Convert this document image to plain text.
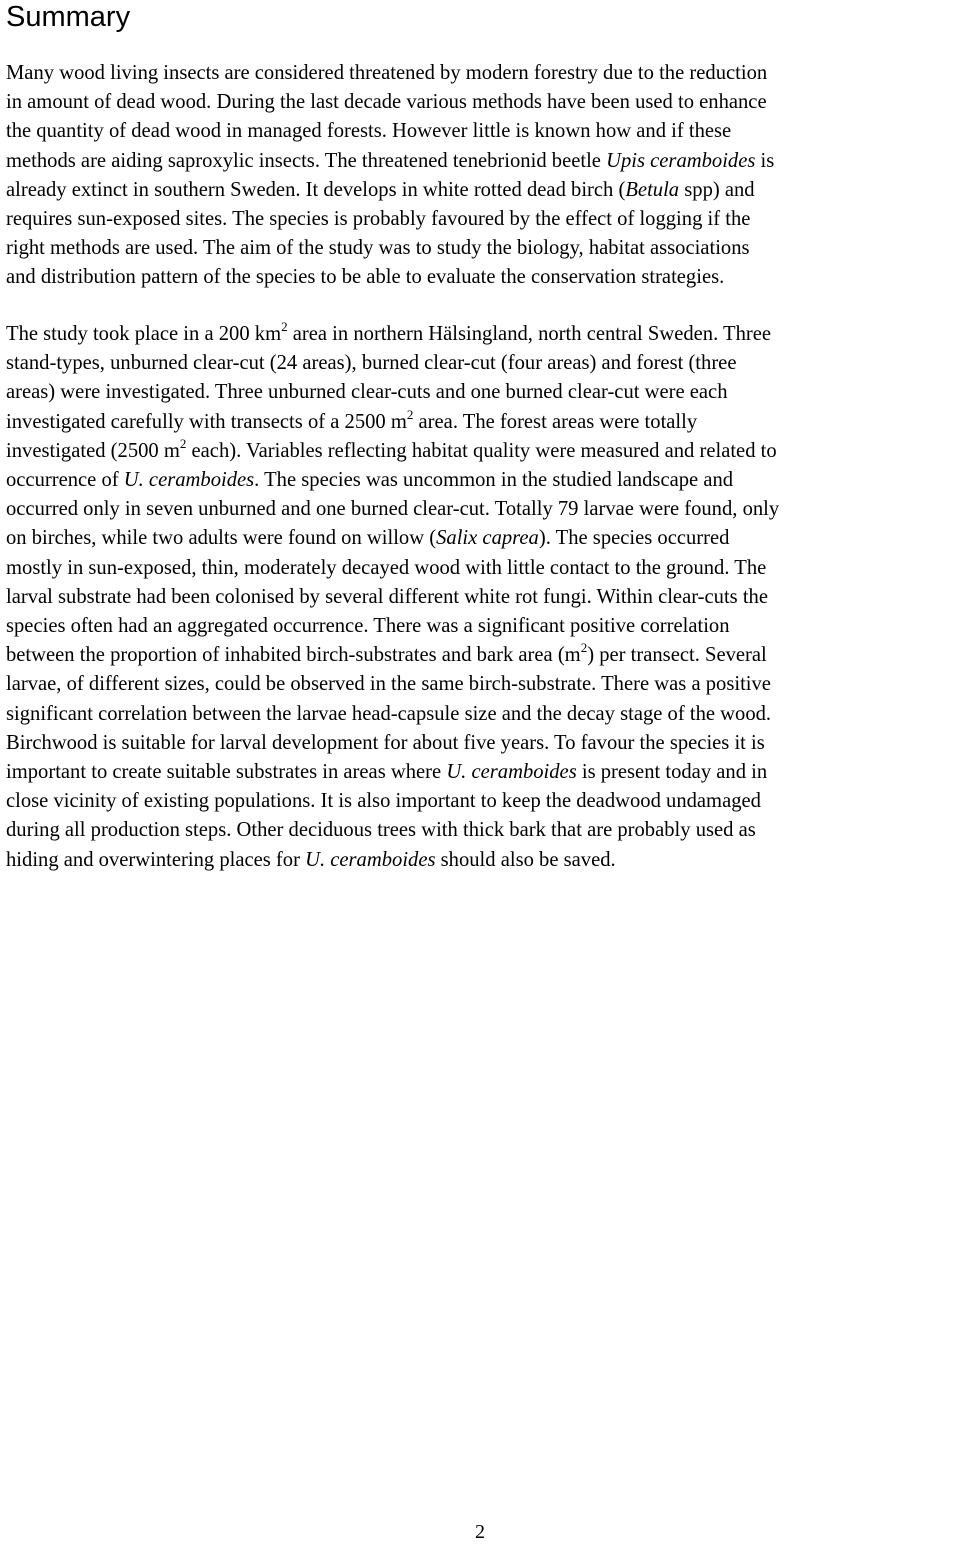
Summary

Many wood living insects are considered threatened by modern forestry due to the reduction
in amount of dead wood. During the last decade various methods have been used to enhance
the quantity of dead wood in managed forests. However little is known how and if these
methods are aiding saproxylic insects. The threatened tenebrionid beetle Upis ceramboides is
already extinct in southern Sweden. It develops in white rotted dead birch (Betula spp) and
requires sun-exposed sites. The species is probably favoured by the effect of logging if the
right methods are used. The aim of the study was to study the biology, habitat associations
and distribution pattern of the species to be able to evaluate the conservation strategies.

The study took place in a 200 $km^2$ area in northern Hälsingland, north central Sweden. Three
stand-types, unburned clear-cut (24 areas), burned clear-cut (four areas) and forest (three
areas) were investigated. Three unburned clear-cuts and one burned clear-cut were each
investigated carefully with transects of a 2500 $m^2$ area. The forest areas were totally
investigated (2500 $m^2$ each). Variables reflecting habitat quality were measured and related to
occurrence of U. ceramboides. The species was uncommon in the studied landscape and
occurred only in seven unburned and one burned clear-cut. Totally 79 larvae were found, only
on birches, while two adults were found on willow (Salix caprea). The species occurred
mostly in sun-exposed, thin, moderately decayed wood with little contact to the ground. The
larval substrate had been colonised by several different white rot fungi. Within clear-cuts the
species often had an aggregated occurrence. There was a significant positive correlation
between the proportion of inhabited birch-substrates and bark area $(m^2)$ per transect. Several
larvae, of different sizes, could be observed in the same birch-substrate. There was a positive
significant correlation between the larvae head-capsule size and the decay stage of the wood.
Birchwood is suitable for larval development for about five years. To favour the species it is
important to create suitable substrates in areas where U. ceramboides is present today and in
close vicinity of existing populations. It is also important to keep the deadwood undamaged
during all production steps. Other deciduous trees with thick bark that are probably used as
hiding and overwintering places for U. ceramboides should also be saved.

2
